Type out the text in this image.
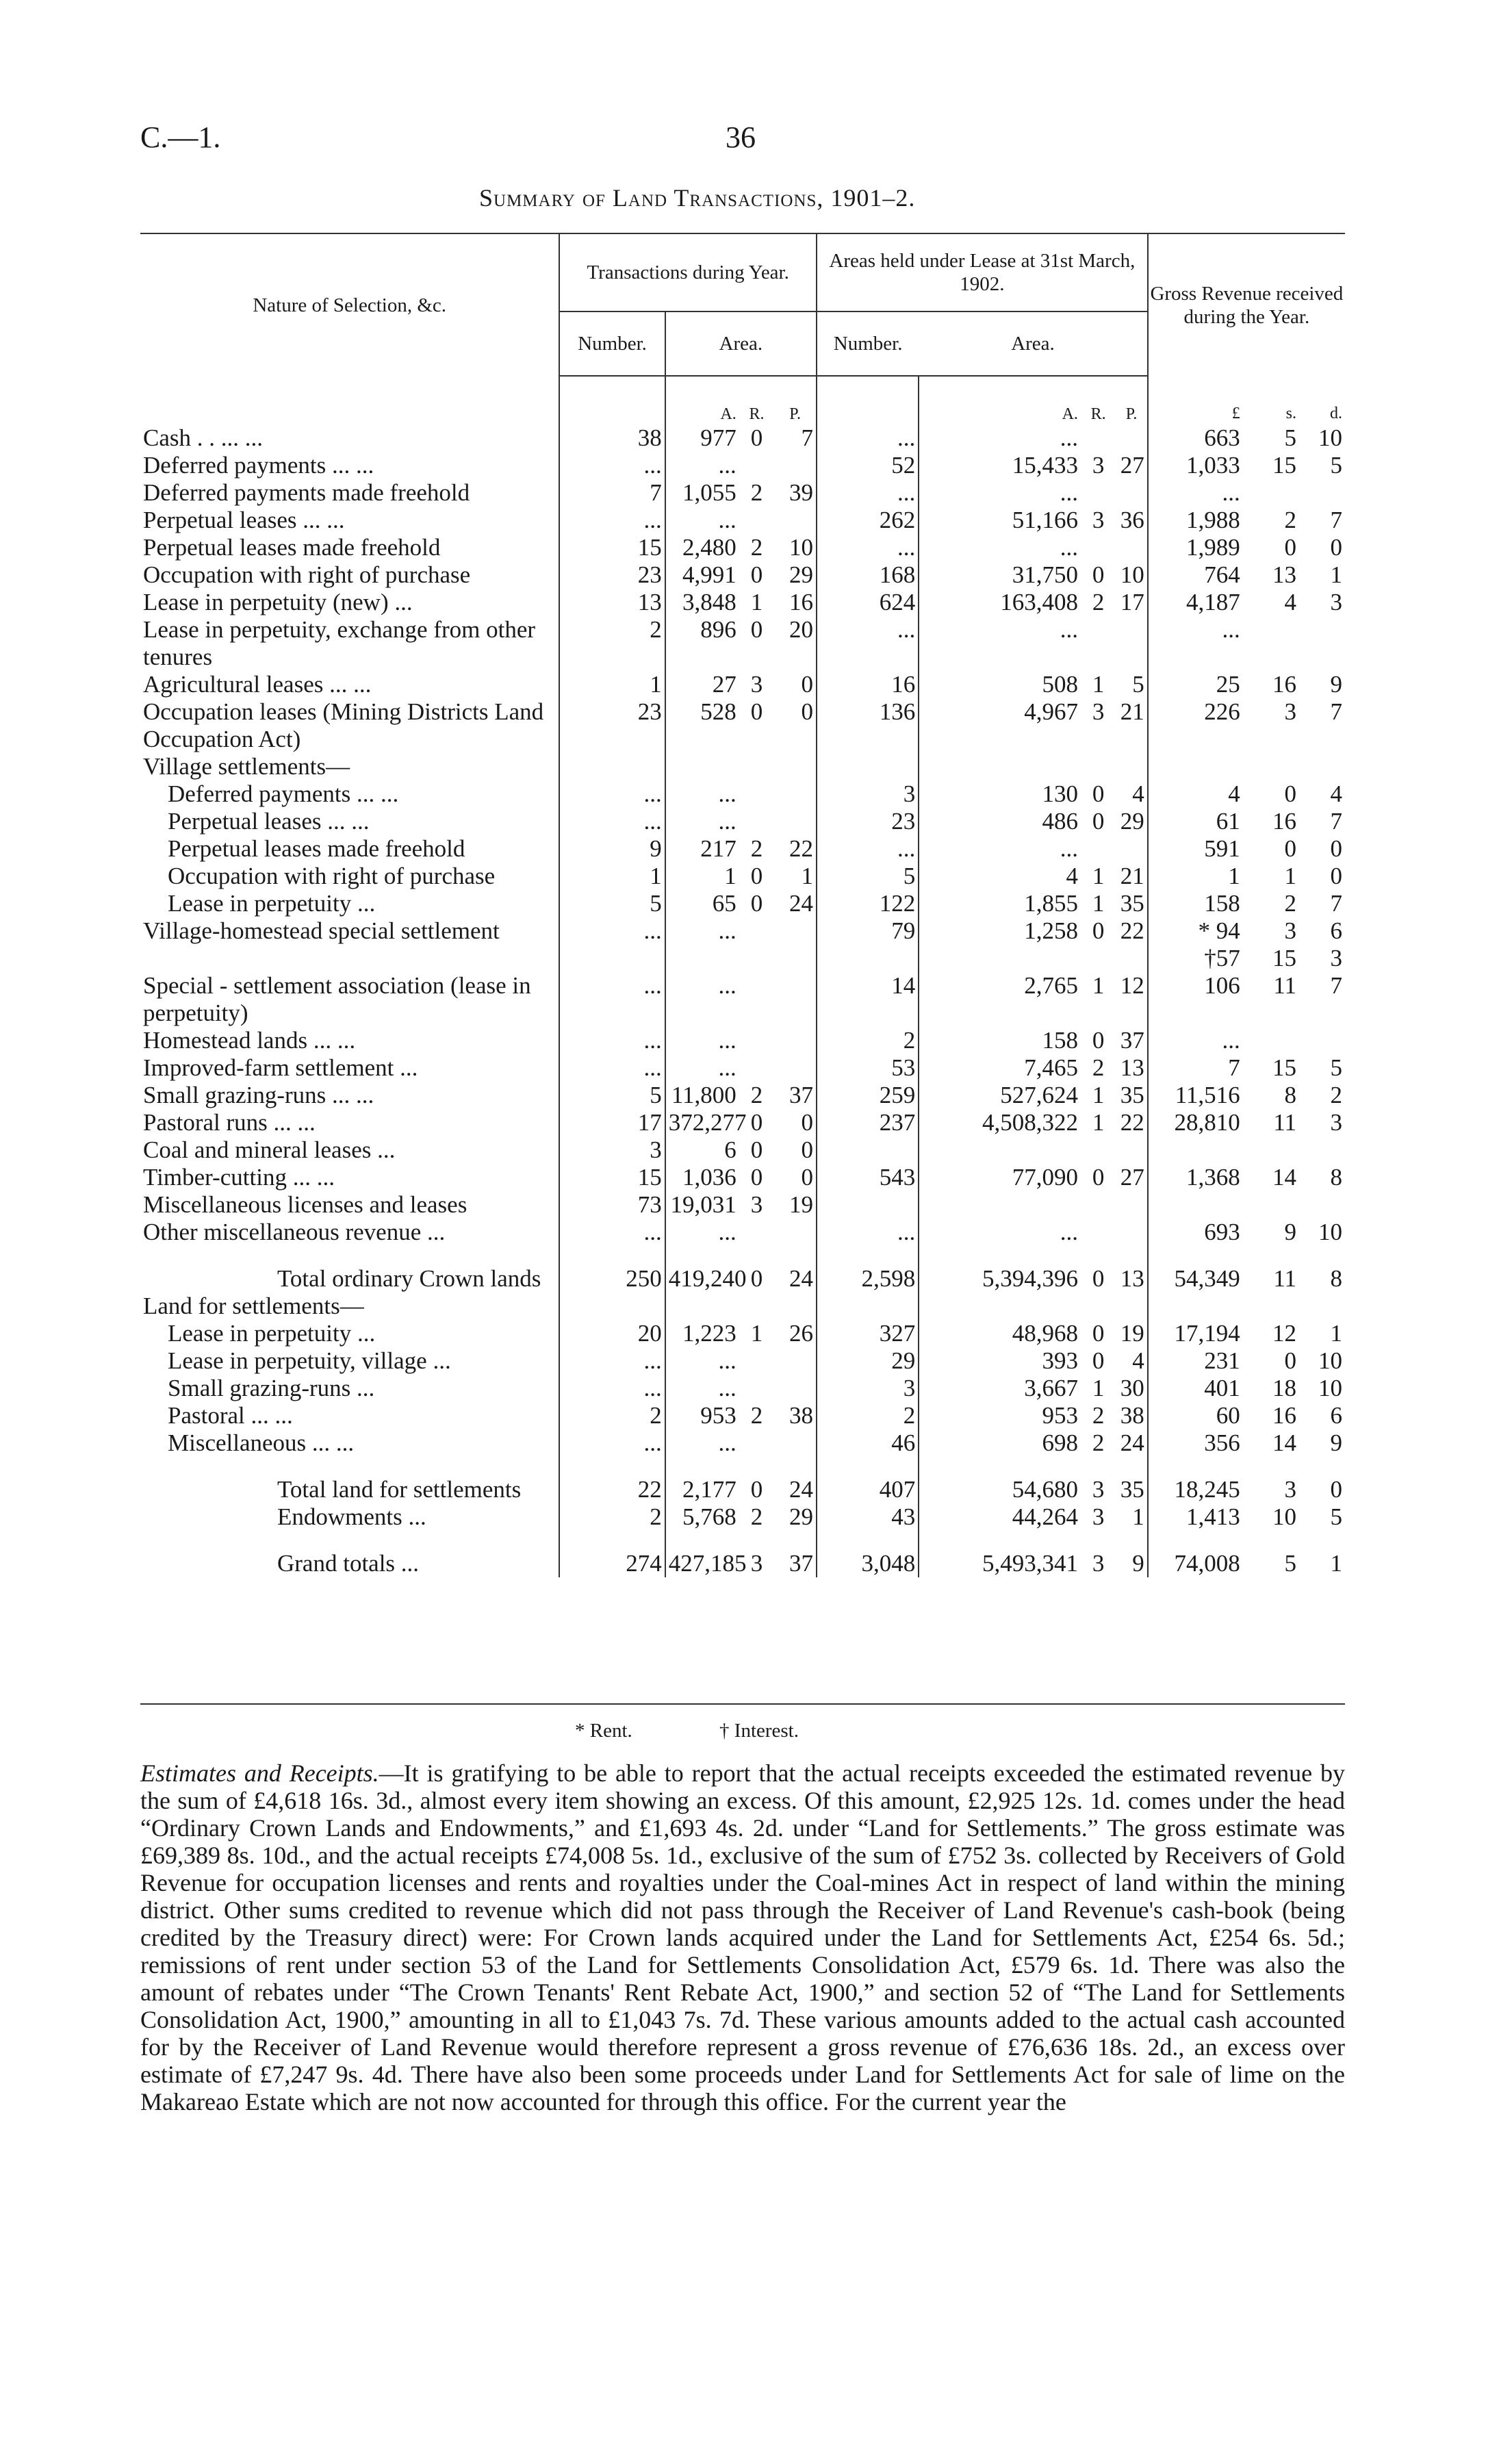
C.—1.	36
Summary of Land Transactions, 1901–2.
Nature of Selection, &c.	Transactions during Year.				Areas held under Lease at 31st March, 1902.				Gross Revenue received during the Year.		
	Number.	Area.			Number.	Area.					
		A.	R.	P.		A.	R.	P.	£	s.	d.
Cash . . ... ...	38	977	0	7	...	...			663	5	10
Deferred payments ... ...	...	...			52	15,433	3	27	1,033	15	5
Deferred payments made freehold	7	1,055	2	39	...	...			...		
Perpetual leases ... ...	...	...			262	51,166	3	36	1,988	2	7
Perpetual leases made freehold	15	2,480	2	10	...	...			1,989	0	0
Occupation with right of purchase	23	4,991	0	29	168	31,750	0	10	764	13	1
Lease in perpetuity (new) ...	13	3,848	1	16	624	163,408	2	17	4,187	4	3
Lease in perpetuity, exchange from other tenures	2	896	0	20	...	...			...		
Agricultural leases ... ...	1	27	3	0	16	508	1	5	25	16	9
Occupation leases (Mining Districts Land Occupation Act)	23	528	0	0	136	4,967	3	21	226	3	7
Village settlements—											
Deferred payments ... ...	...	...			3	130	0	4	4	0	4
Perpetual leases ... ...	...	...			23	486	0	29	61	16	7
Perpetual leases made freehold	9	217	2	22	...	...			591	0	0
Occupation with right of purchase	1	1	0	1	5	4	1	21	1	1	0
Lease in perpetuity ...	5	65	0	24	122	1,855	1	35	158	2	7
Village-homestead special settlement	...	...			79	1,258	0	22	* 94	3	6
									†57	15	3
Special - settlement association (lease in perpetuity)	...	...			14	2,765	1	12	106	11	7
Homestead lands ... ...	...	...			2	158	0	37	...		
Improved-farm settlement ...	...	...			53	7,465	2	13	7	15	5
Small grazing-runs ... ...	5	11,800	2	37	259	527,624	1	35	11,516	8	2
Pastoral runs ... ...	17	372,277	0	0	237	4,508,322	1	22	28,810	11	3
Coal and mineral leases ...	3	6	0	0							
Timber-cutting ... ...	15	1,036	0	0	543	77,090	0	27	1,368	14	8
Miscellaneous licenses and leases	73	19,031	3	19							
Other miscellaneous revenue ...	...	...			...	...			693	9	10

Total ordinary Crown lands	250	419,240	0	24	2,598	5,394,396	0	13	54,349	11	8
Land for settlements—											
Lease in perpetuity ...	20	1,223	1	26	327	48,968	0	19	17,194	12	1
Lease in perpetuity, village ...	...	...			29	393	0	4	231	0	10
Small grazing-runs ...	...	...			3	3,667	1	30	401	18	10
Pastoral ... ...	2	953	2	38	2	953	2	38	60	16	6
Miscellaneous ... ...	...	...			46	698	2	24	356	14	9

Total land for settlements	22	2,177	0	24	407	54,680	3	35	18,245	3	0
Endowments ...	2	5,768	2	29	43	44,264	3	1	1,413	10	5

Grand totals ...	274	427,185	3	37	3,048	5,493,341	3	9	74,008	5	1
* Rent.	† Interest.
Estimates and Receipts.—It is gratifying to be able to report that the actual receipts exceeded the estimated revenue by the sum of £4,618 16s. 3d., almost every item showing an excess. Of this amount, £2,925 12s. 1d. comes under the head “Ordinary Crown Lands and Endowments,” and £1,693 4s. 2d. under “Land for Settlements.” The gross estimate was £69,389 8s. 10d., and the actual receipts £74,008 5s. 1d., exclusive of the sum of £752 3s. collected by Receivers of Gold Revenue for occupation licenses and rents and royalties under the Coal-mines Act in respect of land within the mining district. Other sums credited to revenue which did not pass through the Receiver of Land Revenue's cash-book (being credited by the Treasury direct) were: For Crown lands acquired under the Land for Settlements Act, £254 6s. 5d.; remissions of rent under section 53 of the Land for Settlements Consolidation Act, £579 6s. 1d. There was also the amount of rebates under “The Crown Tenants' Rent Rebate Act, 1900,” and section 52 of “The Land for Settlements Consolidation Act, 1900,” amounting in all to £1,043 7s. 7d. These various amounts added to the actual cash accounted for by the Receiver of Land Revenue would therefore represent a gross revenue of £76,636 18s. 2d., an excess over estimate of £7,247 9s. 4d. There have also been some proceeds under Land for Settlements Act for sale of lime on the Makareao Estate which are not now accounted for through this office. For the current year the
